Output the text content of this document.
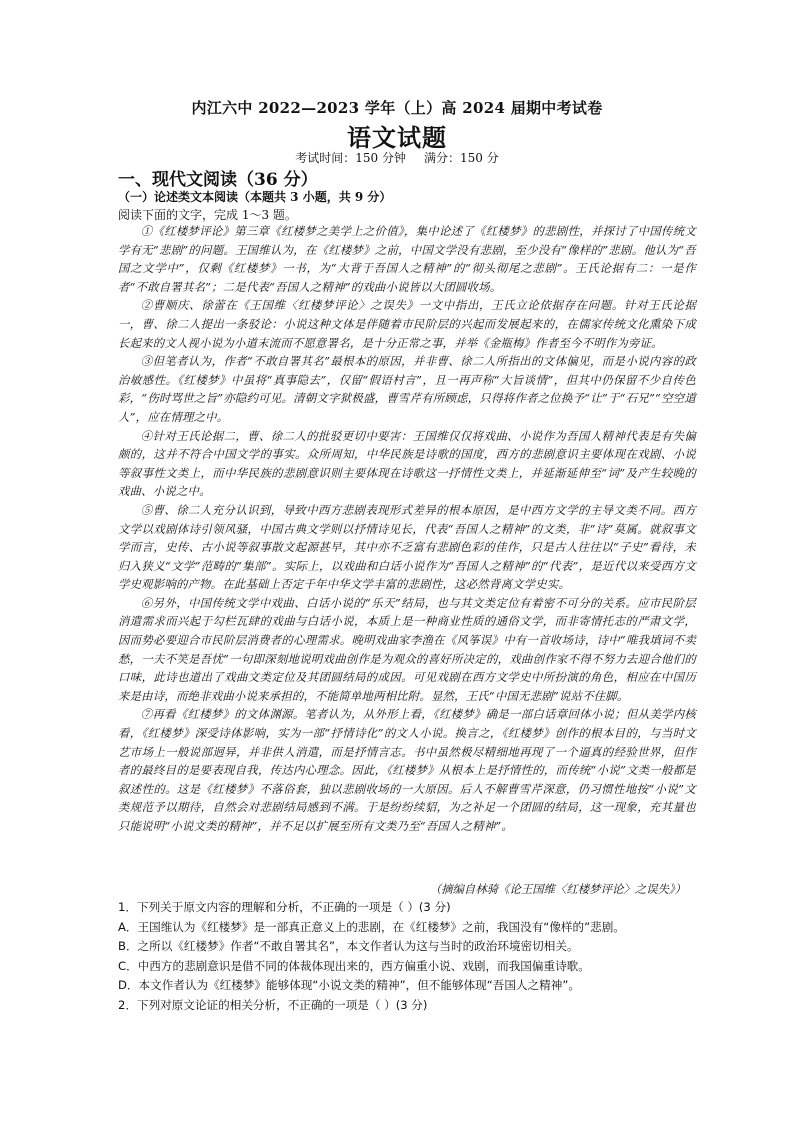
内江六中 2022—2023 学年（上）高 2024 届期中考试卷
语文试题
考试时间：150 分钟 满分：150 分
一、现代文阅读（36 分）
（一）论述类文本阅读（本题共 3 小题，共 9 分）
阅读下面的文字，完成 1～3 题。

①《红楼梦评论》第三章《红楼梦之美学上之价值》，集中论述了《红楼梦》的悲剧性，并探讨了中国传统文学有无“悲剧”的问题。王国维认为，在《红楼梦》之前，中国文学没有悲剧，至少没有“像样的”悲剧。他认为“吾国之文学中”，仅剩《红楼梦》一书，为“大背于吾国人之精神”的“彻头彻尾之悲剧”。王氏论据有二：一是作者“不敢自署其名”；二是代表“吾国人之精神”的戏曲小说皆以大团圆收场。

②曹顺庆、徐蕾在《王国维〈红楼梦评论〉之误失》一文中指出，王氏立论依据存在问题。针对王氏论据一，曹、徐二人提出一条驳论：小说这种文体是伴随着市民阶层的兴起而发展起来的，在儒家传统文化熏染下成长起来的文人视小说为小道末流而不愿意署名，是十分正常之事，并举《金瓶梅》作者至今不明作为旁证。

③但笔者认为，作者“不敢自署其名”最根本的原因，并非曹、徐二人所指出的文体偏见，而是小说内容的政治敏感性。《红楼梦》中虽将“真事隐去”，仅留“假语村言”，且一再声称“大旨谈情”，但其中仍保留不少自传色彩，“伤时骂世之旨”亦隐约可见。清朝文字狱极盛，曹雪芹有所顾虑，只得将作者之位换予“让”于“石兄”“空空道人”，应在情理之中。

④针对王氏论据二，曹、徐二人的批驳更切中要害：王国维仅仅将戏曲、小说作为吾国人精神代表是有失偏颇的，这并不符合中国文学的事实。众所周知，中华民族是诗歌的国度，西方的悲剧意识主要体现在戏剧、小说等叙事性文类上，而中华民族的悲剧意识则主要体现在诗歌这一抒情性文类上，并延渐延伸至“词”及产生较晚的戏曲、小说之中。

⑤曹、徐二人充分认识到，导致中西方悲剧表现形式差异的根本原因，是中西方文学的主导文类不同。西方文学以戏剧体诗引领风骚，中国古典文学则以抒情诗见长，代表“吾国人之精神”的文类，非“诗”莫属。就叙事文学而言，史传、古小说等叙事散文起源甚早，其中亦不乏富有悲剧色彩的佳作，只是古人往往以“子史”看待，未归入狭义“文学”范畴的“集部”。实际上，以戏曲和白话小说作为“吾国人之精神”的“代表”，是近代以来受西方文学史观影响的产物。在此基础上否定千年中华文学丰富的悲剧性，这必然背离文学史实。

⑥另外，中国传统文学中戏曲、白话小说的“乐天”结局，也与其文类定位有着密不可分的关系。应市民阶层消遣需求而兴起于勾栏瓦肆的戏曲与白话小说，本质上是一种商业性质的通俗文学，而非寄情托志的严肃文学，因而势必要迎合市民阶层消费者的心理需求。晚明戏曲家李渔在《风筝误》中有一首收场诗，诗中“唯我填词不卖愁，一夫不笑是吾忧”一句即深刻地说明戏曲创作是为观众的喜好所决定的，戏曲创作家不得不努力去迎合他们的口味，此诗也道出了戏曲文类定位及其团圆结局的成因。可见戏剧在西方文学史中所扮演的角色，相应在中国历来是由诗，而绝非戏曲小说来承担的，不能简单地两相比附。显然，王氏“中国无悲剧”说站不住脚。

⑦再看《红楼梦》的文体渊源。笔者认为，从外形上看，《红楼梦》确是一部白话章回体小说；但从美学内核看，《红楼梦》深受诗体影响，实为一部“抒情诗化”的文人小说。换言之，《红楼梦》创作的根本目的，与当时文艺市场上一般说部迥异，并非供人消遣，而是抒情言志。书中虽然极尽精细地再现了一个逼真的经验世界，但作者的最终目的是要表现自我，传达内心理念。因此，《红楼梦》从根本上是抒情性的，而传统“小说”文类一般都是叙述性的。这是《红楼梦》不落俗套，独以悲剧收场的一大原因。后人不解曹雪芹深意，仍习惯性地按“小说”文类规范予以期待，自然会对悲剧结局感到不满。于是纷纷续貂，为之补足一个团圆的结局，这一现象，充其量也只能说明“小说文类的精神”，并不足以扩展至所有文类乃至“吾国人之精神”。

（摘编自林骑《论王国维〈红楼梦评论〉之误失》）
1．下列关于原文内容的理解和分析，不正确的一项是（ ）(3 分)
A．王国维认为《红楼梦》是一部真正意义上的悲剧，在《红楼梦》之前，我国没有“像样的”悲剧。
B．之所以《红楼梦》作者“不敢自署其名”，本文作者认为这与当时的政治环境密切相关。
C．中西方的悲剧意识是借不同的体裁体现出来的，西方偏重小说、戏剧，而我国偏重诗歌。
D．本文作者认为《红楼梦》能够体现“小说文类的精神”，但不能够体现“吾国人之精神”。
2．下列对原文论证的相关分析，不正确的一项是（ ）(3 分)
